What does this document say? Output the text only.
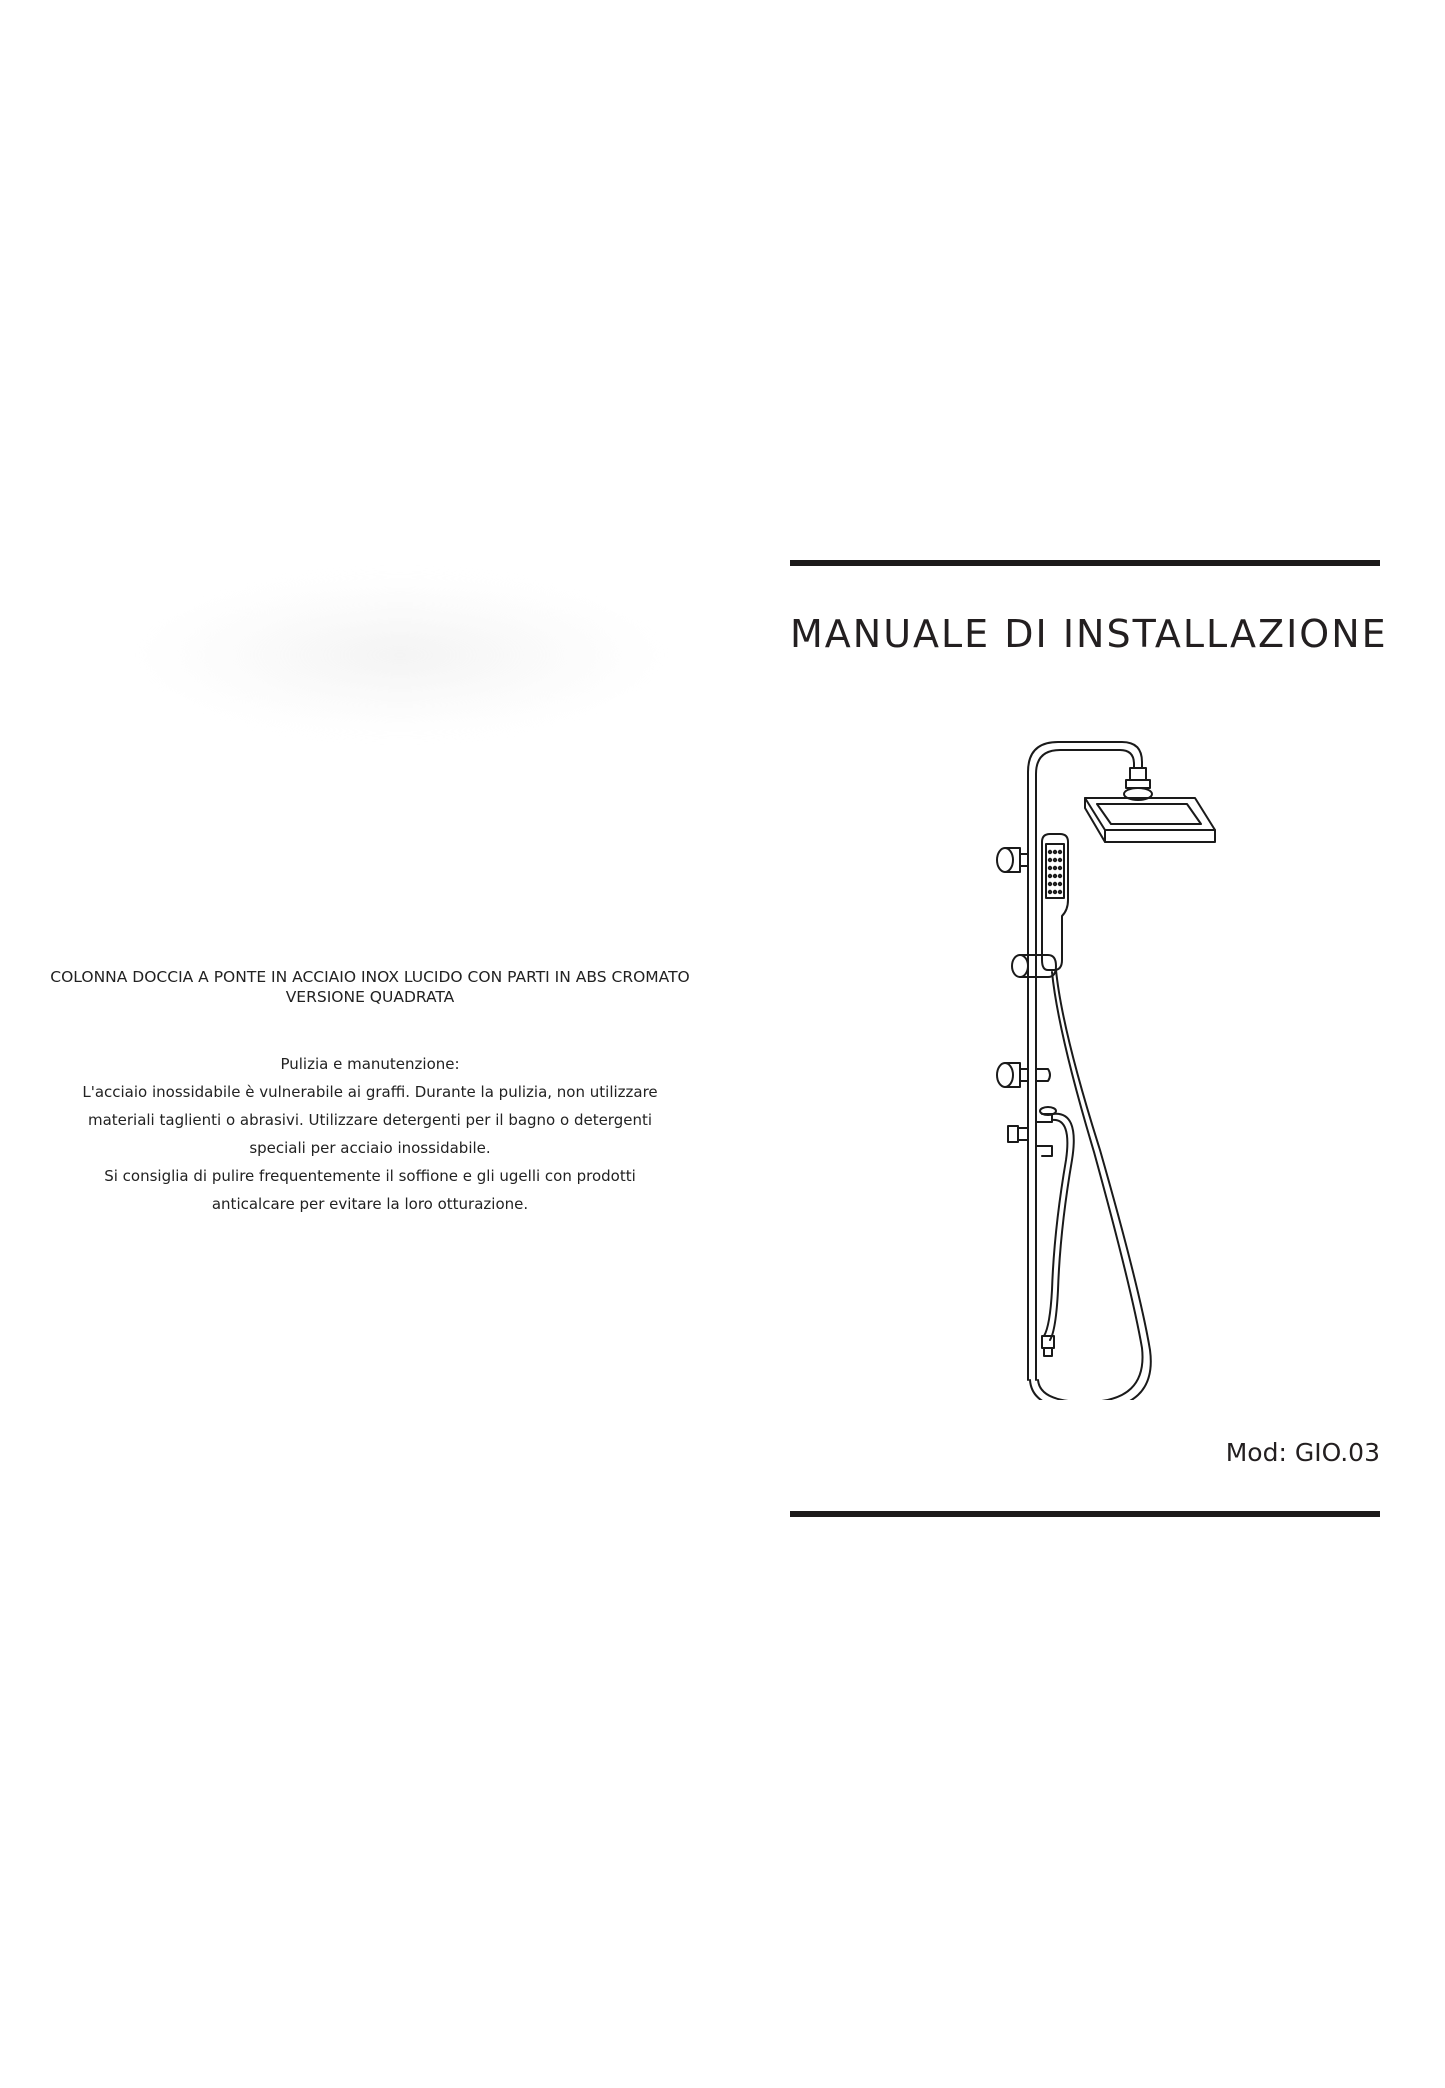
MANUALE DI INSTALLAZIONE
COLONNA DOCCIA A PONTE IN ACCIAIO INOX LUCIDO CON PARTI IN ABS CROMATO
VERSIONE QUADRATA
Pulizia e manutenzione:
L'acciaio inossidabile è vulnerabile ai graffi. Durante la pulizia, non utilizzare
materiali taglienti o abrasivi. Utilizzare detergenti per il bagno o detergenti
speciali per acciaio inossidabile.
Si consiglia di pulire frequentemente il soffione e gli ugelli con prodotti
anticalcare per evitare la loro otturazione.
Mod: GIO.03
